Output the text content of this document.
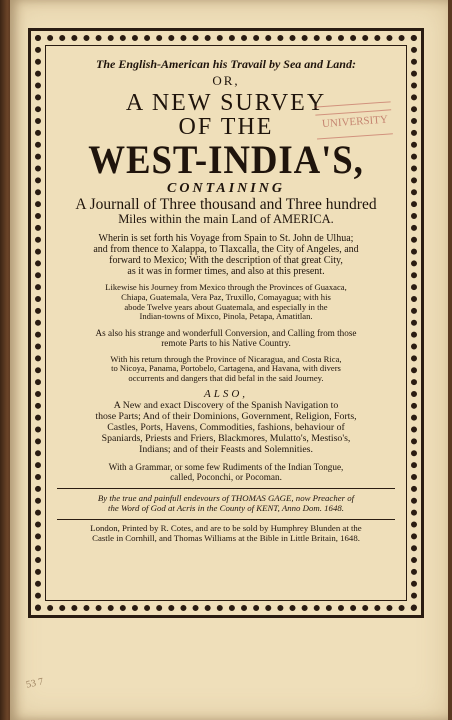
The English-American his Travail by Sea and Land:
OR,
A NEW SURVEY
OF THE
WEST-INDIA'S,
CONTAINING
A Journall of Three thousand and Three hundred
Miles within the main Land of AMERICA.
Wherin is set forth his Voyage from Spain to St. John de Ulhua;
and from thence to Xalappa, to Tlaxcalla, the City of Angeles, and
forward to Mexico; With the description of that great City,
as it was in former times, and also at this present.
Likewise his Journey from Mexico through the Provinces of Guaxaca,
Chiapa, Guatemala, Vera Paz, Truxillo, Comayagua; with his
abode Twelve years about Guatemala, and especially in the
Indian-towns of Mixco, Pinola, Petapa, Amatitlan.
As also his strange and wonderfull Conversion, and Calling from those
remote Parts to his Native Country.
With his return through the Province of Nicaragua, and Costa Rica,
to Nicoya, Panama, Portobelo, Cartagena, and Havana, with divers
occurrents and dangers that did befal in the said Journey.
ALSO,
A New and exact Discovery of the Spanish Navigation to
those Parts; And of their Dominions, Government, Religion, Forts,
Castles, Ports, Havens, Commodities, fashions, behaviour of
Spaniards, Priests and Friers, Blackmores, Mulatto's, Mestiso's,
Indians; and of their Feasts and Solemnities.
With a Grammar, or some few Rudiments of the Indian Tongue,
called, Poconchi, or Pocoman.
By the true and painfull endevours of THOMAS GAGE, now Preacher of
the Word of God at Acris in the County of KENT, Anno Dom. 1648.
London, Printed by R. Cotes, and are to be sold by Humphrey Blunden at the
Castle in Cornhill, and Thomas Williams at the Bible in Little Britain, 1648.
UNIVERSITY
53 7
